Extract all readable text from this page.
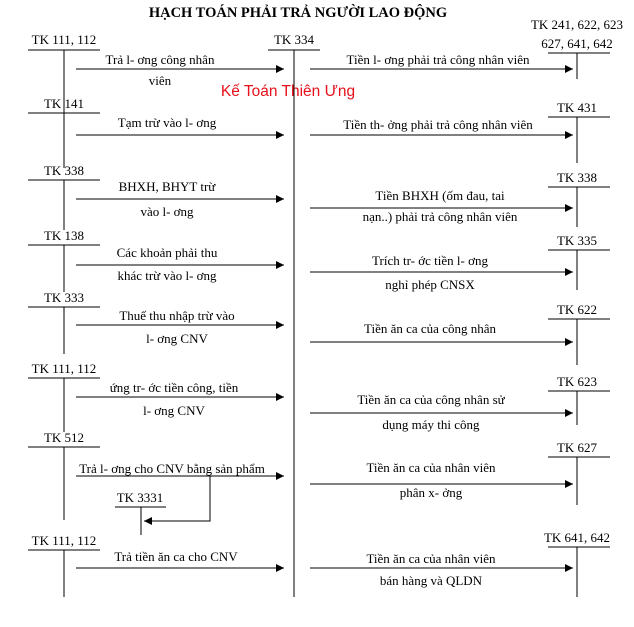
HẠCH TOÁN PHẢI TRẢ NGƯỜI LAO ĐỘNG
Kế Toán Thiên Ưng
TK 334
TK 3331
TK 111, 112
Trả l- ơng công nhân
viên
TK 141
Tạm trừ vào l- ơng
TK 338
BHXH, BHYT trừ
vào l- ơng
TK 138
Các khoản phải thu
khác trừ vào l- ơng
TK 333
Thuế thu nhập trừ vào
l- ơng CNV
TK 111, 112
ứng tr- ớc tiền công, tiền
l- ơng CNV
TK 512
Trả l- ơng cho CNV bằng sản phẩm
TK 111, 112
Trả tiền ăn ca cho CNV
TK 241, 622, 623
627, 641, 642
TK 431
TK 338
TK 335
TK 622
TK 623
TK 627
TK 641, 642
Tiền l- ơng phải trả công nhân viên
Tiền th- ởng phải trả công nhân viên
Tiền BHXH (ốm đau, tai
nạn..) phải trả công nhân viên
Trích tr- ớc tiền l- ơng
nghỉ phép CNSX
Tiền ăn ca của công nhân
Tiền ăn ca của công nhân sử
dụng máy thi công
Tiền ăn ca của nhân viên
phân x- ởng
Tiền ăn ca của nhân viên
bán hàng và QLDN
